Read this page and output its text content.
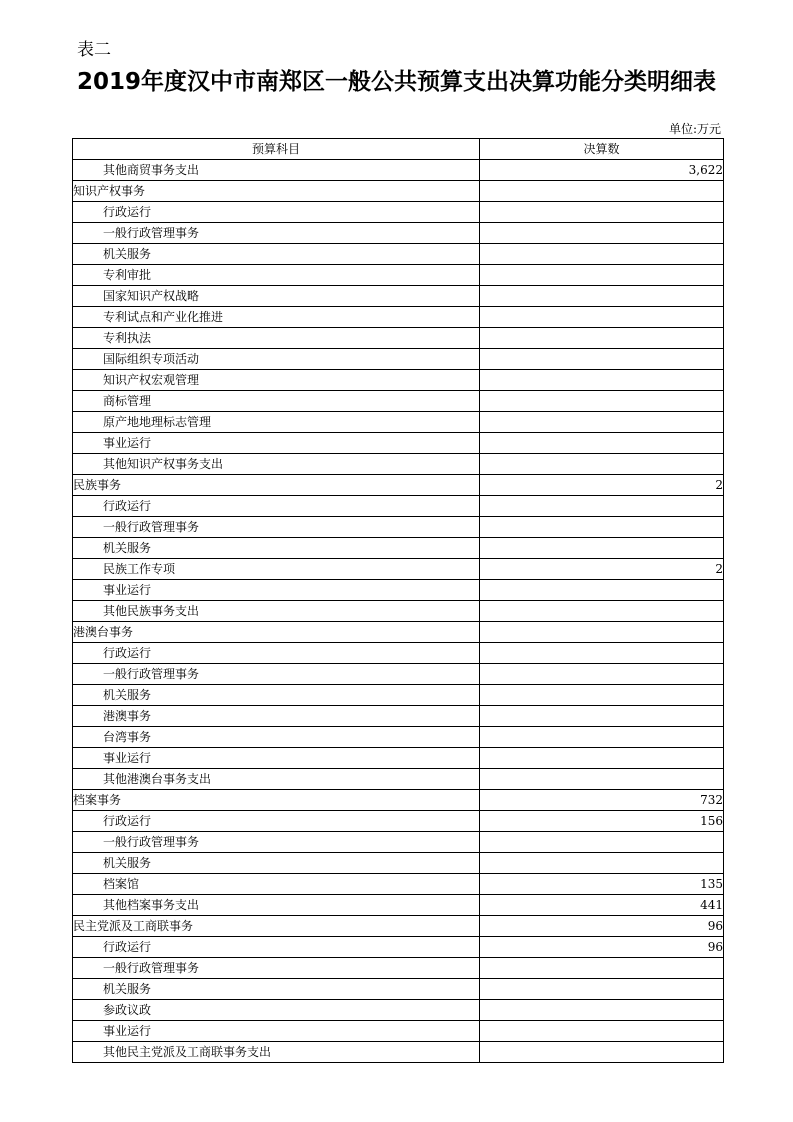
表二
2019年度汉中市南郑区一般公共预算支出决算功能分类明细表
单位:万元
预算科目	决算数
其他商贸事务支出	3,622
知识产权事务	
行政运行	
一般行政管理事务	
机关服务	
专利审批	
国家知识产权战略	
专利试点和产业化推进	
专利执法	
国际组织专项活动	
知识产权宏观管理	
商标管理	
原产地地理标志管理	
事业运行	
其他知识产权事务支出	
民族事务	2
行政运行	
一般行政管理事务	
机关服务	
民族工作专项	2
事业运行	
其他民族事务支出	
港澳台事务	
行政运行	
一般行政管理事务	
机关服务	
港澳事务	
台湾事务	
事业运行	
其他港澳台事务支出	
档案事务	732
行政运行	156
一般行政管理事务	
机关服务	
档案馆	135
其他档案事务支出	441
民主党派及工商联事务	96
行政运行	96
一般行政管理事务	
机关服务	
参政议政	
事业运行	
其他民主党派及工商联事务支出	
